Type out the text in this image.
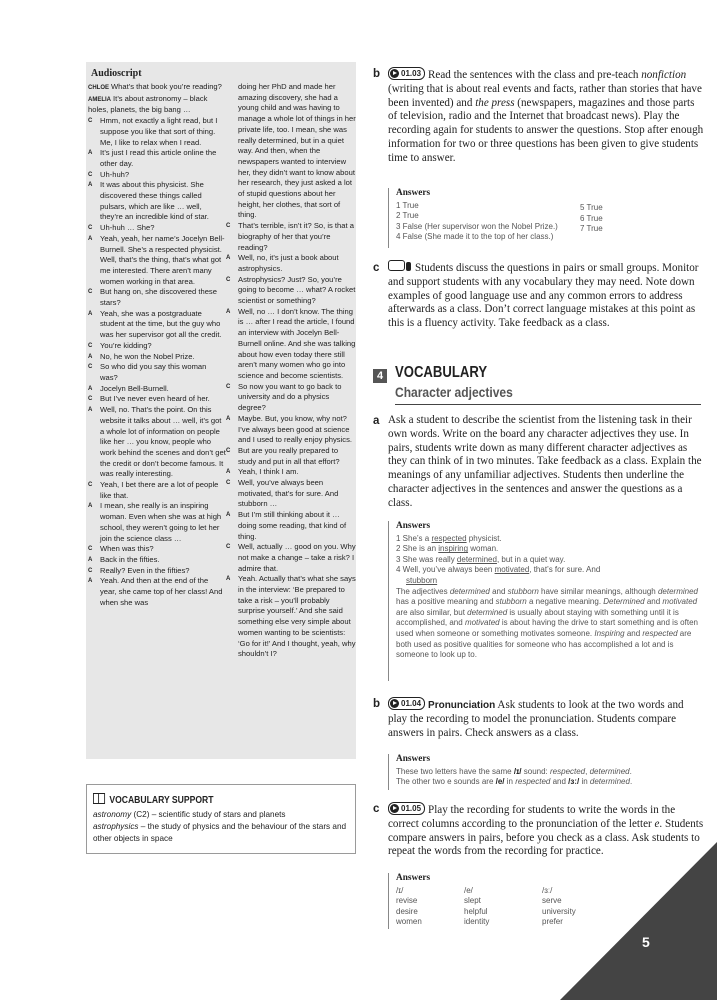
Audioscript
CHLOE What’s that book you’re reading?
AMELIA It’s about astronomy – black holes, planets, the big bang …
C Hmm, not exactly a light read, but I suppose you like that sort of thing. Me, I like to relax when I read.
A It’s just I read this article online the other day.
C Uh-huh?
A It was about this physicist. She discovered these things called pulsars, which are like … well, they’re an incredible kind of star.
C Uh-huh … She?
A Yeah, yeah, her name’s Jocelyn Bell-Burnell. She’s a respected physicist. Well, that’s the thing, that’s what got me interested. There aren’t many women working in that area.
C But hang on, she discovered these stars?
A Yeah, she was a postgraduate student at the time, but the guy who was her supervisor got all the credit.
C You’re kidding?
A No, he won the Nobel Prize.
C So who did you say this woman was?
A Jocelyn Bell-Burnell.
C But I’ve never even heard of her.
A Well, no. That’s the point. On this website it talks about … well, it’s got a whole lot of information on people like her … you know, people who work behind the scenes and don’t get the credit or don’t become famous. It was really interesting.
C Yeah, I bet there are a lot of people like that.
A I mean, she really is an inspiring woman. Even when she was at high school, they weren’t going to let her join the science class …
C When was this?
A Back in the fifties.
C Really? Even in the fifties?
A Yeah. And then at the end of the year, she came top of her class! And when she was
doing her PhD and made her amazing discovery, she had a young child and was having to manage a whole lot of things in her private life, too. I mean, she was really determined, but in a quiet way. And then, when the newspapers wanted to interview her, they didn’t want to know about her research, they just asked a lot of stupid questions about her height, her clothes, that sort of thing.
C That’s terrible, isn’t it? So, is that a biography of her that you’re reading?
A Well, no, it’s just a book about astrophysics.
C Astrophysics? Just? So, you’re going to become … what? A rocket scientist or something?
A Well, no … I don’t know. The thing is … after I read the article, I found an interview with Jocelyn Bell-Burnell online. And she was talking about how even today there still aren’t many women who go into science and become scientists.
C So now you want to go back to university and do a physics degree?
A Maybe. But, you know, why not? I’ve always been good at science and I used to really enjoy physics.
C But are you really prepared to study and put in all that effort?
A Yeah, I think I am.
C Well, you’ve always been motivated, that’s for sure. And stubborn …
A But I’m still thinking about it … doing some reading, that kind of thing.
C Well, actually … good on you. Why not make a change – take a risk? I admire that.
A Yeah. Actually that’s what she says in the interview: ‘Be prepared to take a risk – you’ll probably surprise yourself.’ And she said something else very simple about women wanting to be scientists: ‘Go for it!’ And I thought, yeah, why shouldn’t I?
VOCABULARY SUPPORT
astronomy (C2) – scientific study of stars and planets
astrophysics – the study of physics and the behaviour of the stars and other objects in space
b	01.03 Read the sentences with the class and pre-teach nonfiction (writing that is about real events and facts, rather than stories that have been invented) and the press (newspapers, magazines and those parts of television, radio and the Internet that broadcast news). Play the recording again for students to answer the questions. Stop after enough information for two or three questions has been given to give students time to answer.
Answers
1 True
2 True
3 False (Her supervisor won the Nobel Prize.)
4 False (She made it to the top of her class.)
5 True
6 True
7 True
c	Students discuss the questions in pairs or small groups. Monitor and support students with any vocabulary they may need. Note down examples of good language use and any common errors to address afterwards as a class. Don’t correct language mistakes at this point as this is a fluency activity. Take feedback as a class.
4 VOCABULARY
Character adjectives
a Ask a student to describe the scientist from the listening task in their own words. Write on the board any character adjectives they use. In pairs, students write down as many different character adjectives as they can think of in two minutes. Take feedback as a class. Explain the meanings of any unfamiliar adjectives. Students then underline the character adjectives in the sentences and answer the questions as a class.
Answers
1 She’s a respected physicist.
2 She is an inspiring woman.
3 She was really determined, but in a quiet way.
4 Well, you’ve always been motivated, that’s for sure. And
stubborn
The adjectives determined and stubborn have similar meanings, although determined has a positive meaning and stubborn a negative meaning. Determined and motivated are also similar, but determined is usually about staying with something until it is accomplished, and motivated is about having the drive to start something and is often used when someone or something motivates someone. Inspiring and respected are both used as positive qualities for someone who has accomplished a lot and is someone to look up to.
b	01.04 Pronunciation Ask students to look at the two words and play the recording to model the pronunciation. Students compare answers in pairs. Check answers as a class.
Answers
These two letters have the same /ɪ/ sound: respected, determined.
The other two e sounds are /e/ in respected and /ɜː/ in determined.
c	01.05 Play the recording for students to write the words in the correct columns according to the pronunciation of the letter e. Students compare answers in pairs, before you check as a class. Ask students to repeat the words from the recording for practice.
Answers
/ɪ/	/e/	/ɜː/
revise	slept	serve
desire	helpful	university
women	identity	prefer
5
